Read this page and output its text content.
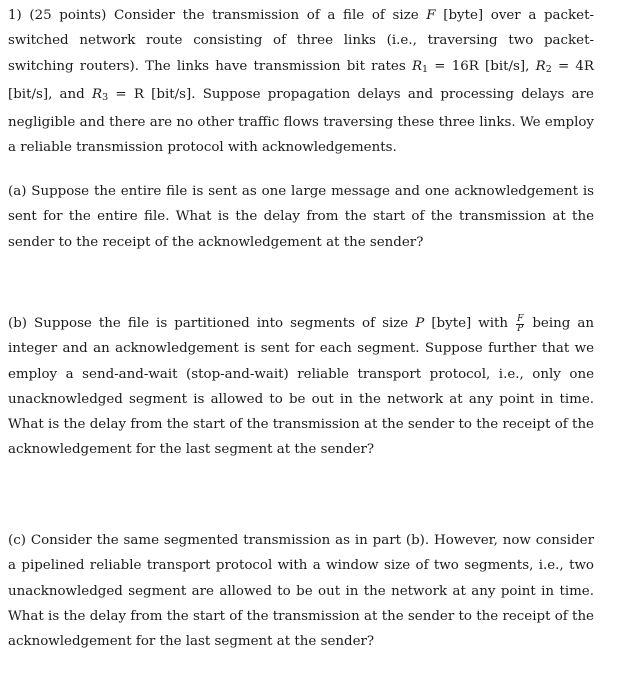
1) (25 points) Consider the transmission of a file of size F [byte] over a packet-switched network route consisting of three links (i.e., traversing two packet-switching routers). The links have transmission bit rates $R_1 = 16R$ [bit/s], $R_2 = 4R$ [bit/s], and $R_3 = R$ [bit/s]. Suppose propagation delays and processing delays are negligible and there are no other traffic flows traversing these three links. We employ a reliable transmission protocol with acknowledgements.

(a) Suppose the entire file is sent as one large message and one acknowledgement is sent for the entire file. What is the delay from the start of the transmission at the sender to the receipt of the acknowledgement at the sender?

(b) Suppose the file is partitioned into segments of size P [byte] with $\frac{F}{P}$ being an integer and an acknowledgement is sent for each segment. Suppose further that we employ a send-and-wait (stop-and-wait) reliable transport protocol, i.e., only one unacknowledged segment is allowed to be out in the network at any point in time. What is the delay from the start of the transmission at the sender to the receipt of the acknowledgement for the last segment at the sender?

(c) Consider the same segmented transmission as in part (b). However, now consider a pipelined reliable transport protocol with a window size of two segments, i.e., two unacknowledged segment are allowed to be out in the network at any point in time. What is the delay from the start of the transmission at the sender to the receipt of the acknowledgement for the last segment at the sender?
